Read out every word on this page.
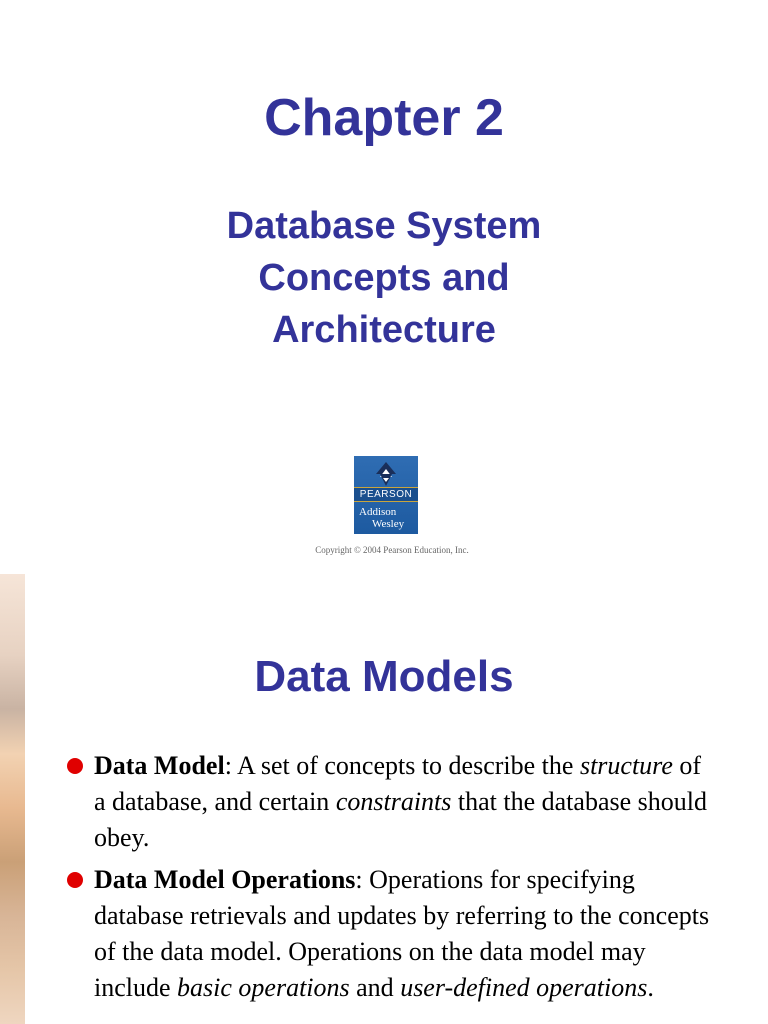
Chapter 2
Database System
Concepts and
Architecture
PEARSON
Addison
Wesley
Copyright © 2004 Pearson Education, Inc.
Data Models
Data Model: A set of concepts to describe the structure of a database, and certain constraints that the database should obey.
Data Model Operations: Operations for specifying database retrievals and updates by referring to the concepts of the data model. Operations on the data model may include basic operations and user-defined operations.
